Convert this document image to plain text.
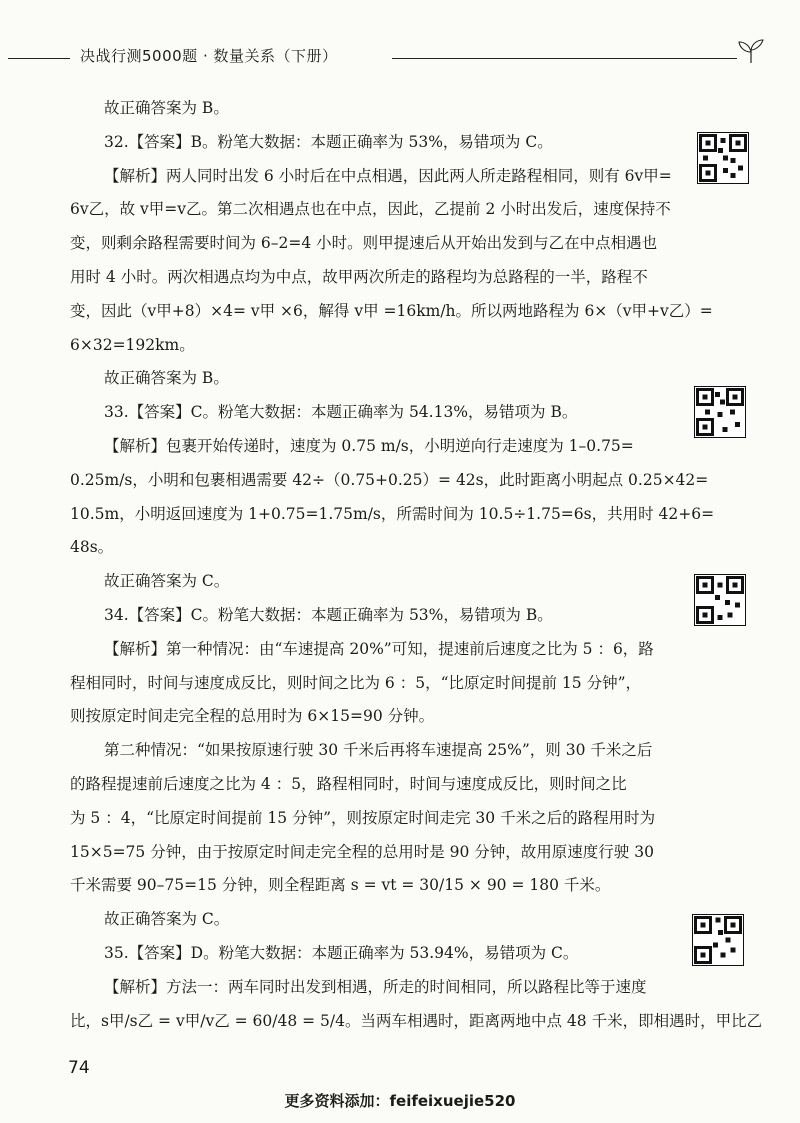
决战行测5000题 · 数量关系（下册）

故正确答案为 B。

32.【答案】B。粉笔大数据：本题正确率为 53%，易错项为 C。

【解析】两人同时出发 6 小时后在中点相遇，因此两人所走路程相同，则有 6v甲=

6v乙，故 v甲=v乙。第二次相遇点也在中点，因此，乙提前 2 小时出发后，速度保持不

变，则剩余路程需要时间为 6–2=4 小时。则甲提速后从开始出发到与乙在中点相遇也

用时 4 小时。两次相遇点均为中点，故甲两次所走的路程均为总路程的一半，路程不

变，因此（v甲+8）×4= v甲 ×6，解得 v甲 =16km/h。所以两地路程为 6×（v甲+v乙）=

6×32=192km。

故正确答案为 B。

33.【答案】C。粉笔大数据：本题正确率为 54.13%，易错项为 B。

【解析】包裹开始传递时，速度为 0.75 m/s，小明逆向行走速度为 1–0.75=

0.25m/s，小明和包裹相遇需要 42÷（0.75+0.25）= 42s，此时距离小明起点 0.25×42=

10.5m，小明返回速度为 1+0.75=1.75m/s，所需时间为 10.5÷1.75=6s，共用时 42+6=

48s。

故正确答案为 C。

34.【答案】C。粉笔大数据：本题正确率为 53%，易错项为 B。

【解析】第一种情况：由“车速提高 20%”可知，提速前后速度之比为 5 ：6，路

程相同时，时间与速度成反比，则时间之比为 6 ：5，“比原定时间提前 15 分钟”，

则按原定时间走完全程的总用时为 6×15=90 分钟。

第二种情况：“如果按原速行驶 30 千米后再将车速提高 25%”，则 30 千米之后

的路程提速前后速度之比为 4 ：5，路程相同时，时间与速度成反比，则时间之比

为 5 ：4，“比原定时间提前 15 分钟”，则按原定时间走完 30 千米之后的路程用时为

15×5=75 分钟，由于按原定时间走完全程的总用时是 90 分钟，故用原速度行驶 30

千米需要 90–75=15 分钟，则全程距离 s = vt = 30/15 × 90 = 180 千米。

故正确答案为 C。

35.【答案】D。粉笔大数据：本题正确率为 53.94%，易错项为 C。

【解析】方法一：两车同时出发到相遇，所走的时间相同，所以路程比等于速度

比，s甲/s乙 = v甲/v乙 = 60/48 = 5/4。当两车相遇时，距离两地中点 48 千米，即相遇时，甲比乙

74
更多资料添加：feifeixuejie520
